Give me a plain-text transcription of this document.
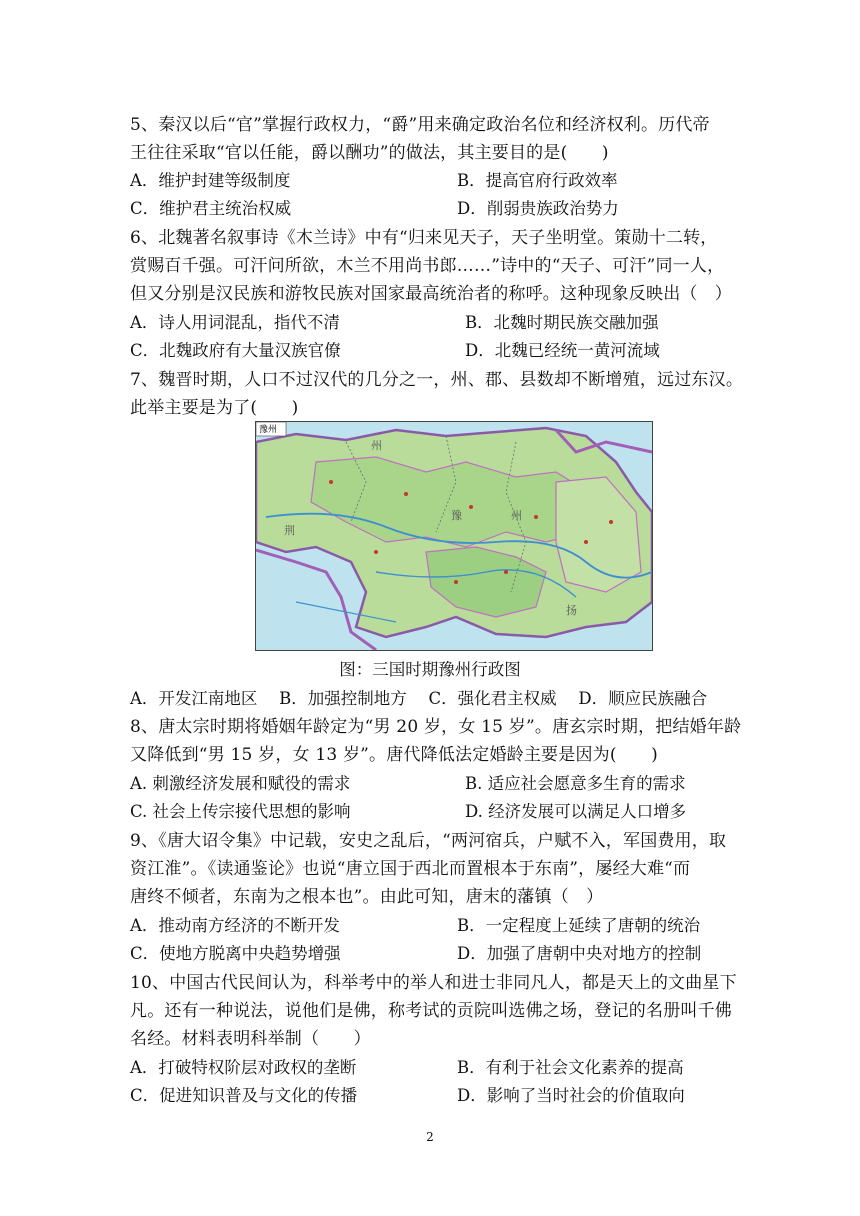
5、秦汉以后“官”掌握行政权力，“爵”用来确定政治名位和经济权利。历代帝
王往往采取“官以任能，爵以酬功”的做法，其主要目的是(　　)
A．维护封建等级制度	B．提高官府行政效率
C．维护君主统治权威	D．削弱贵族政治势力
6、北魏著名叙事诗《木兰诗》中有“归来见天子，天子坐明堂。策勋十二转，
赏赐百千强。可汗问所欲，木兰不用尚书郎……”诗中的“天子、可汗”同一人，
但又分别是汉民族和游牧民族对国家最高统治者的称呼。这种现象反映出（　）
A．诗人用词混乱，指代不清	B．北魏时期民族交融加强
C．北魏政府有大量汉族官僚	D．北魏已经统一黄河流域
7、魏晋时期，人口不过汉代的几分之一，州、郡、县数却不断增殖，远过东汉。
此举主要是为了(　　)
豫州
州
豫	州
荆
扬
图：三国时期豫州行政图
A．开发江南地区　 B．加强控制地方　 C．强化君主权威　 D．顺应民族融合
8、唐太宗时期将婚姻年龄定为“男 20 岁，女 15 岁”。唐玄宗时期，把结婚年龄
又降低到“男 15 岁，女 13 岁”。唐代降低法定婚龄主要是因为(　　)
A. 刺激经济发展和赋役的需求	B. 适应社会愿意多生育的需求
C. 社会上传宗接代思想的影响	D. 经济发展可以满足人口增多
9、《唐大诏令集》中记载，安史之乱后，“两河宿兵，户赋不入，军国费用，取
资江淮”。《读通鉴论》也说“唐立国于西北而置根本于东南”，屡经大难“而
唐终不倾者，东南为之根本也”。由此可知，唐末的藩镇（　）
A．推动南方经济的不断开发	B．一定程度上延续了唐朝的统治
C．使地方脱离中央趋势增强	D．加强了唐朝中央对地方的控制
10、中国古代民间认为，科举考中的举人和进士非同凡人，都是天上的文曲星下
凡。还有一种说法，说他们是佛，称考试的贡院叫选佛之场，登记的名册叫千佛
名经。材料表明科举制（　　）
A．打破特权阶层对政权的垄断	B．有利于社会文化素养的提高
C．促进知识普及与文化的传播	D．影响了当时社会的价值取向
2
